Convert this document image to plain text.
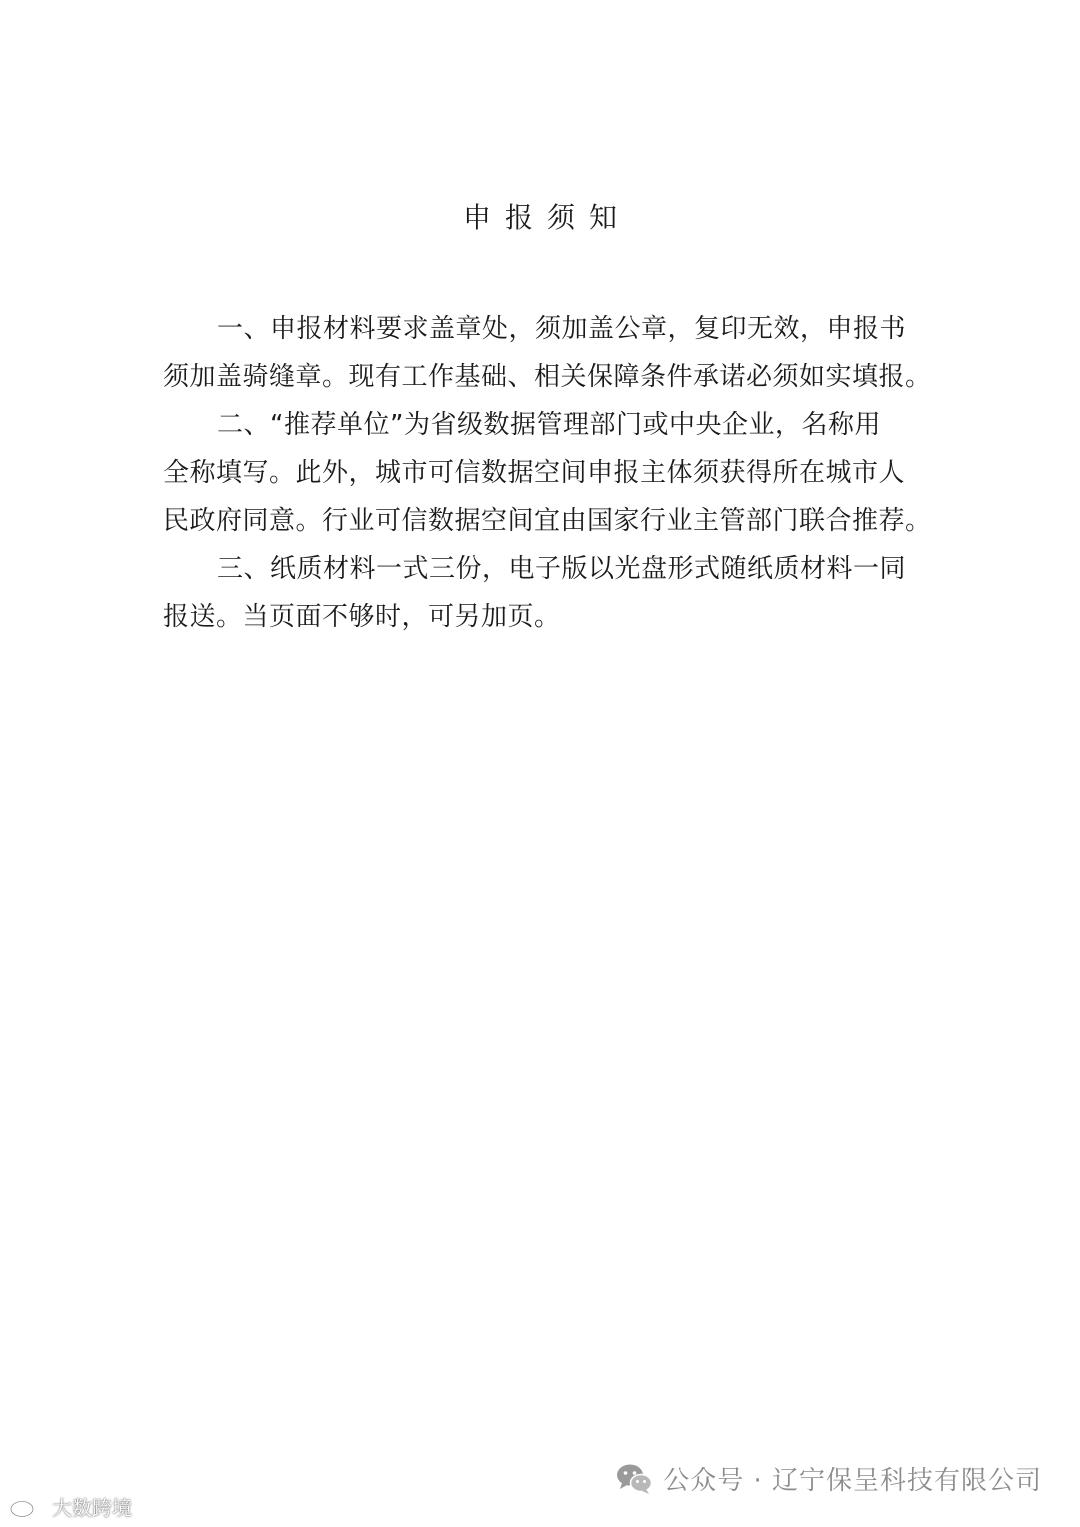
申报须知

一、申报材料要求盖章处，须加盖公章，复印无效，申报书
须加盖骑缝章。现有工作基础、相关保障条件承诺必须如实填报。

二、“推荐单位”为省级数据管理部门或中央企业，名称用
全称填写。此外，城市可信数据空间申报主体须获得所在城市人
民政府同意。行业可信数据空间宜由国家行业主管部门联合推荐。

三、纸质材料一式三份，电子版以光盘形式随纸质材料一同
报送。当页面不够时，可另加页。

公众号 · 辽宁保呈科技有限公司
大数跨境
